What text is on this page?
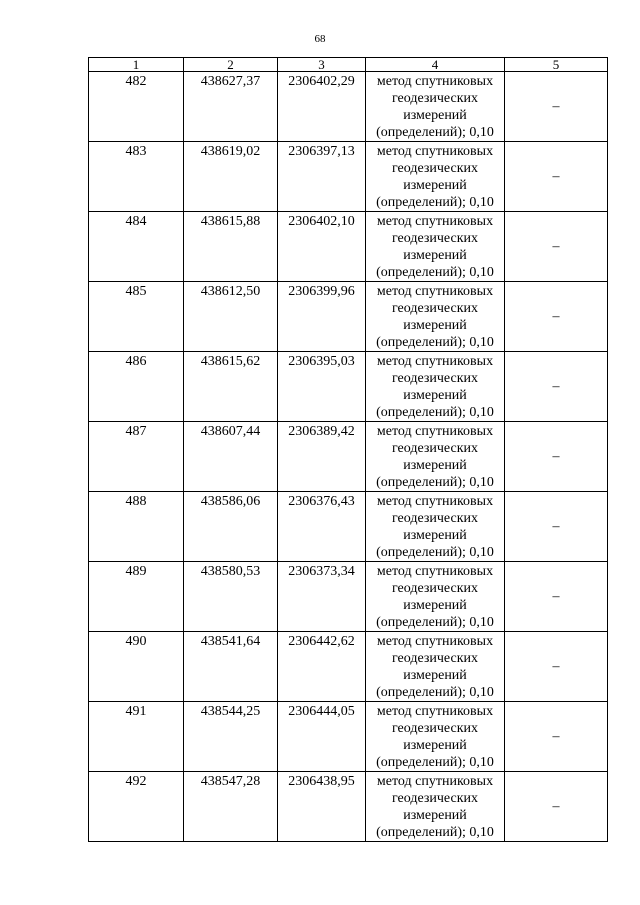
68
1	2	3	4	5
482	438627,37	2306402,29	метод спутниковых
геодезических
измерений
(определений); 0,10	–
483	438619,02	2306397,13	метод спутниковых
геодезических
измерений
(определений); 0,10	–
484	438615,88	2306402,10	метод спутниковых
геодезических
измерений
(определений); 0,10	–
485	438612,50	2306399,96	метод спутниковых
геодезических
измерений
(определений); 0,10	–
486	438615,62	2306395,03	метод спутниковых
геодезических
измерений
(определений); 0,10	–
487	438607,44	2306389,42	метод спутниковых
геодезических
измерений
(определений); 0,10	–
488	438586,06	2306376,43	метод спутниковых
геодезических
измерений
(определений); 0,10	–
489	438580,53	2306373,34	метод спутниковых
геодезических
измерений
(определений); 0,10	–
490	438541,64	2306442,62	метод спутниковых
геодезических
измерений
(определений); 0,10	–
491	438544,25	2306444,05	метод спутниковых
геодезических
измерений
(определений); 0,10	–
492	438547,28	2306438,95	метод спутниковых
геодезических
измерений
(определений); 0,10	–
